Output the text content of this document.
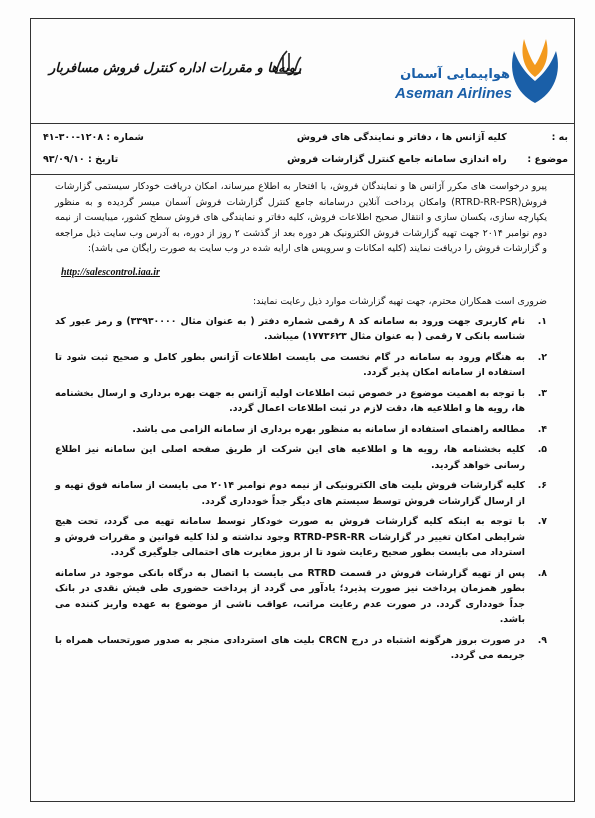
هواپیمایی آسمان
Aseman Airlines
روبه‌ها و مقررات اداره کنترل فروش مسافربار
به : کلیه آژانس ها ، دفاتر و نمایندگی های فروش
موضوع : راه اندازی سامانه جامع کنترل گزارشات فروش
شماره : ۱۲۰۸-۳۰۰-۴۱
تاریخ : ۹۳/۰۹/۱۰

پیرو درخواست های مکرر آژانس ها و نمایندگان فروش، با افتخار به اطلاع میرساند، امکان دریافت خودکار سیستمی گزارشات فروش(RTRD-RR-PSR) وامکان پرداخت آنلاین درسامانه جامع کنترل گزارشات فروش آسمان میسر گردیده و به منظور یکپارچه سازی، یکسان سازی و انتقال صحیح اطلاعات فروش، کلیه دفاتر و نمایندگی های فروش سطح کشور، میبایست از نیمه دوم نوامبر ۲۰۱۴ جهت تهیه گزارشات فروش الکترونیک هر دوره بعد از گذشت ۲ روز از دوره، به آدرس وب سایت ذیل مراجعه و گزارشات فروش را دریافت نمایند (کلیه امکانات و سرویس های ارایه شده در وب سایت به صورت رایگان می باشد):

http://salescontrol.iaa.ir

ضروری است همکاران محترم، جهت تهیه گزارشات موارد ذیل رعایت نمایند:

۱.
نام کاربری جهت ورود به سامانه کد ۸ رقمی شماره دفتر ( به عنوان مثال ۳۳۹۳۰۰۰۰) و رمز عبور کد شناسه بانکی ۷ رقمی ( به عنوان مثال ۱۷۷۳۶۲۳) میباشد.
۲.
به هنگام ورود به سامانه در گام نخست می بایست اطلاعات آژانس بطور کامل و صحیح ثبت شود تا استفاده از سامانه امکان پذیر گردد.
۳.
با توجه به اهمیت موضوع در خصوص ثبت اطلاعات اولیه آژانس به جهت بهره برداری و ارسال بخشنامه ها، رویه ها و اطلاعیه ها، دقت لازم در ثبت اطلاعات اعمال گردد.
۴.
مطالعه راهنمای استفاده از سامانه به منظور بهره برداری از سامانه الزامی می باشد.
۵.
کلیه بخشنامه ها، رویه ها و اطلاعیه های این شرکت از طریق صفحه اصلی این سامانه نیز اطلاع رسانی خواهد گردید.
۶.
کلیه گزارشات فروش بلیت های الکترونیکی از نیمه دوم نوامبر ۲۰۱۴ می بایست از سامانه فوق تهیه و از ارسال گزارشات فروش توسط سیستم های دیگر جداً خودداری گردد.
۷.
با توجه به اینکه کلیه گزارشات فروش به صورت خودکار توسط سامانه تهیه می گردد، تحت هیچ شرایطی امکان تغییر در گزارشات RTRD-PSR-RR وجود نداشته و لذا کلیه قوانین و مقررات فروش و استرداد می بایست بطور صحیح رعایت شود تا از بروز مغایرت های احتمالی جلوگیری گردد.
۸.
پس از تهیه گزارشات فروش در قسمت RTRD می بایست با اتصال به درگاه بانکی موجود در سامانه بطور همزمان پرداخت نیز صورت پذیرد؛ یادآور می گردد از پرداخت حضوری طی فیش نقدی در بانک جداً خودداری گردد. در صورت عدم رعایت مراتب، عواقب ناشی از موضوع به عهده واریز کننده می باشد.
۹.
در صورت بروز هرگونه اشتباه در درج CRCN بلیت های استردادی منجر به صدور صورتحساب همراه با جریمه می گردد.
